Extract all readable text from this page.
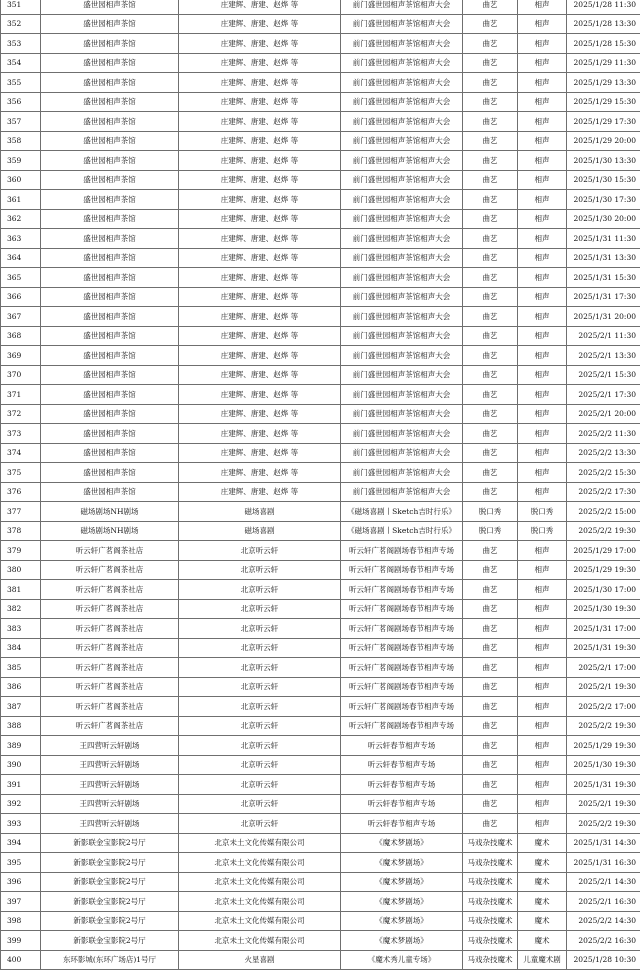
351	盛世园相声茶馆	庄建辉、唐建、赵烨 等	前门盛世园相声茶馆相声大会	曲艺	相声	2025/1/28 11:30
352	盛世园相声茶馆	庄建辉、唐建、赵烨 等	前门盛世园相声茶馆相声大会	曲艺	相声	2025/1/28 13:30
353	盛世园相声茶馆	庄建辉、唐建、赵烨 等	前门盛世园相声茶馆相声大会	曲艺	相声	2025/1/28 15:30
354	盛世园相声茶馆	庄建辉、唐建、赵烨 等	前门盛世园相声茶馆相声大会	曲艺	相声	2025/1/29 11:30
355	盛世园相声茶馆	庄建辉、唐建、赵烨 等	前门盛世园相声茶馆相声大会	曲艺	相声	2025/1/29 13:30
356	盛世园相声茶馆	庄建辉、唐建、赵烨 等	前门盛世园相声茶馆相声大会	曲艺	相声	2025/1/29 15:30
357	盛世园相声茶馆	庄建辉、唐建、赵烨 等	前门盛世园相声茶馆相声大会	曲艺	相声	2025/1/29 17:30
358	盛世园相声茶馆	庄建辉、唐建、赵烨 等	前门盛世园相声茶馆相声大会	曲艺	相声	2025/1/29 20:00
359	盛世园相声茶馆	庄建辉、唐建、赵烨 等	前门盛世园相声茶馆相声大会	曲艺	相声	2025/1/30 13:30
360	盛世园相声茶馆	庄建辉、唐建、赵烨 等	前门盛世园相声茶馆相声大会	曲艺	相声	2025/1/30 15:30
361	盛世园相声茶馆	庄建辉、唐建、赵烨 等	前门盛世园相声茶馆相声大会	曲艺	相声	2025/1/30 17:30
362	盛世园相声茶馆	庄建辉、唐建、赵烨 等	前门盛世园相声茶馆相声大会	曲艺	相声	2025/1/30 20:00
363	盛世园相声茶馆	庄建辉、唐建、赵烨 等	前门盛世园相声茶馆相声大会	曲艺	相声	2025/1/31 11:30
364	盛世园相声茶馆	庄建辉、唐建、赵烨 等	前门盛世园相声茶馆相声大会	曲艺	相声	2025/1/31 13:30
365	盛世园相声茶馆	庄建辉、唐建、赵烨 等	前门盛世园相声茶馆相声大会	曲艺	相声	2025/1/31 15:30
366	盛世园相声茶馆	庄建辉、唐建、赵烨 等	前门盛世园相声茶馆相声大会	曲艺	相声	2025/1/31 17:30
367	盛世园相声茶馆	庄建辉、唐建、赵烨 等	前门盛世园相声茶馆相声大会	曲艺	相声	2025/1/31 20:00
368	盛世园相声茶馆	庄建辉、唐建、赵烨 等	前门盛世园相声茶馆相声大会	曲艺	相声	2025/2/1 11:30
369	盛世园相声茶馆	庄建辉、唐建、赵烨 等	前门盛世园相声茶馆相声大会	曲艺	相声	2025/2/1 13:30
370	盛世园相声茶馆	庄建辉、唐建、赵烨 等	前门盛世园相声茶馆相声大会	曲艺	相声	2025/2/1 15:30
371	盛世园相声茶馆	庄建辉、唐建、赵烨 等	前门盛世园相声茶馆相声大会	曲艺	相声	2025/2/1 17:30
372	盛世园相声茶馆	庄建辉、唐建、赵烨 等	前门盛世园相声茶馆相声大会	曲艺	相声	2025/2/1 20:00
373	盛世园相声茶馆	庄建辉、唐建、赵烨 等	前门盛世园相声茶馆相声大会	曲艺	相声	2025/2/2 11:30
374	盛世园相声茶馆	庄建辉、唐建、赵烨 等	前门盛世园相声茶馆相声大会	曲艺	相声	2025/2/2 13:30
375	盛世园相声茶馆	庄建辉、唐建、赵烨 等	前门盛世园相声茶馆相声大会	曲艺	相声	2025/2/2 15:30
376	盛世园相声茶馆	庄建辉、唐建、赵烨 等	前门盛世园相声茶馆相声大会	曲艺	相声	2025/2/2 17:30
377	磁场剧场NH剧场	磁场喜剧	《磁场喜剧丨Sketch吉时行乐》	脱口秀	脱口秀	2025/2/2 15:00
378	磁场剧场NH剧场	磁场喜剧	《磁场喜剧丨Sketch吉时行乐》	脱口秀	脱口秀	2025/2/2 19:30
379	听云轩广茗阁茶社店	北京听云轩	听云轩广茗阁剧场春节相声专场	曲艺	相声	2025/1/29 17:00
380	听云轩广茗阁茶社店	北京听云轩	听云轩广茗阁剧场春节相声专场	曲艺	相声	2025/1/29 19:30
381	听云轩广茗阁茶社店	北京听云轩	听云轩广茗阁剧场春节相声专场	曲艺	相声	2025/1/30 17:00
382	听云轩广茗阁茶社店	北京听云轩	听云轩广茗阁剧场春节相声专场	曲艺	相声	2025/1/30 19:30
383	听云轩广茗阁茶社店	北京听云轩	听云轩广茗阁剧场春节相声专场	曲艺	相声	2025/1/31 17:00
384	听云轩广茗阁茶社店	北京听云轩	听云轩广茗阁剧场春节相声专场	曲艺	相声	2025/1/31 19:30
385	听云轩广茗阁茶社店	北京听云轩	听云轩广茗阁剧场春节相声专场	曲艺	相声	2025/2/1 17:00
386	听云轩广茗阁茶社店	北京听云轩	听云轩广茗阁剧场春节相声专场	曲艺	相声	2025/2/1 19:30
387	听云轩广茗阁茶社店	北京听云轩	听云轩广茗阁剧场春节相声专场	曲艺	相声	2025/2/2 17:00
388	听云轩广茗阁茶社店	北京听云轩	听云轩广茗阁剧场春节相声专场	曲艺	相声	2025/2/2 19:30
389	王四营听云轩剧场	北京听云轩	听云轩春节相声专场	曲艺	相声	2025/1/29 19:30
390	王四营听云轩剧场	北京听云轩	听云轩春节相声专场	曲艺	相声	2025/1/30 19:30
391	王四营听云轩剧场	北京听云轩	听云轩春节相声专场	曲艺	相声	2025/1/31 19:30
392	王四营听云轩剧场	北京听云轩	听云轩春节相声专场	曲艺	相声	2025/2/1 19:30
393	王四营听云轩剧场	北京听云轩	听云轩春节相声专场	曲艺	相声	2025/2/2 19:30
394	新影联金宝影院2号厅	北京未土文化传媒有限公司	《魔术梦剧场》	马戏杂技魔术	魔术	2025/1/31 14:30
395	新影联金宝影院2号厅	北京未土文化传媒有限公司	《魔术梦剧场》	马戏杂技魔术	魔术	2025/1/31 16:30
396	新影联金宝影院2号厅	北京未土文化传媒有限公司	《魔术梦剧场》	马戏杂技魔术	魔术	2025/2/1 14:30
397	新影联金宝影院2号厅	北京未土文化传媒有限公司	《魔术梦剧场》	马戏杂技魔术	魔术	2025/2/1 16:30
398	新影联金宝影院2号厅	北京未土文化传媒有限公司	《魔术梦剧场》	马戏杂技魔术	魔术	2025/2/2 14:30
399	新影联金宝影院2号厅	北京未土文化传媒有限公司	《魔术梦剧场》	马戏杂技魔术	魔术	2025/2/2 16:30
400	东环影城(东环广场店)1号厅	火星喜剧	《魔术秀儿童专场》	马戏杂技魔术	儿童魔术剧	2025/1/28 10:30
